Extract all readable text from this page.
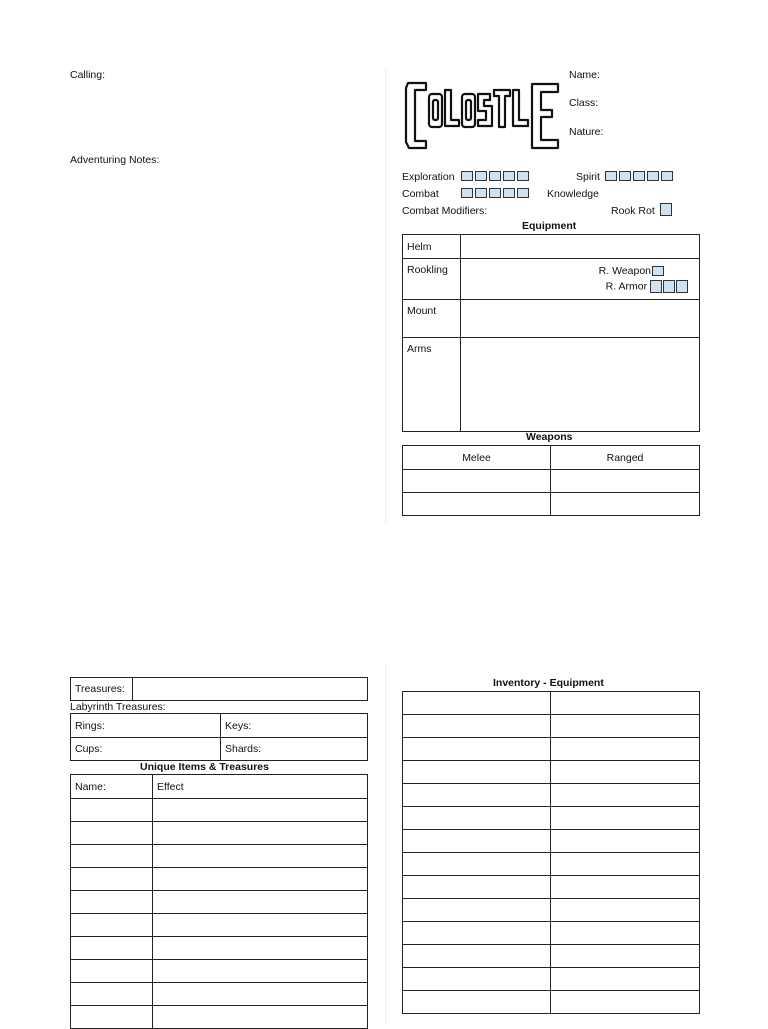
Calling:
Adventuring Notes:
Name:
Class:
Nature:
Exploration	Spirit
Combat	Knowledge
Combat Modifiers:	Rook Rot
Equipment
Helm	
Rookling	R. Weapon
R. Armor

Mount	
Arms	
Weapons
Melee	Ranged

Treasures:	
Labyrinth Treasures:
Rings:	Keys:
Cups:	Shards:
Unique Items & Treasures
Name:	Effect

Inventory - Equipment
